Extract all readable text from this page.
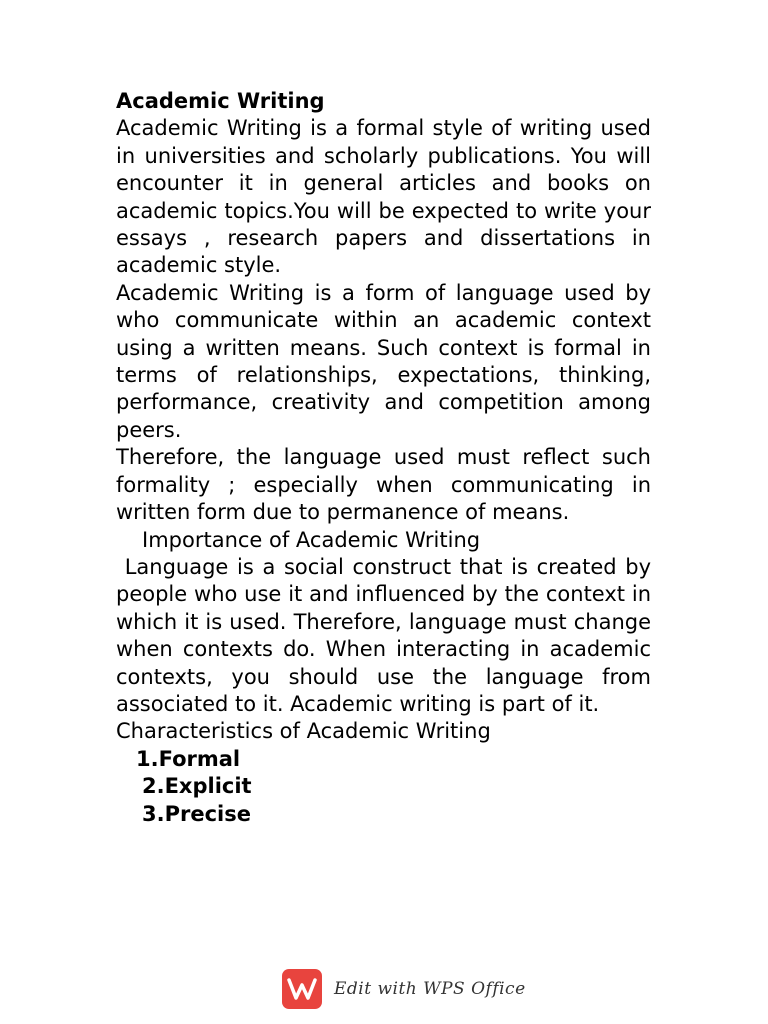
Academic Writing

Academic Writing is a formal style of writing used in universities and scholarly publications. You will encounter it in general articles and books on academic topics.You will be expected to write your essays , research papers and dissertations in academic style.

Academic Writing is a form of language used by who communicate within an academic context using a written means. Such context is formal in terms of relationships, expectations, thinking, performance, creativity and competition among peers.

Therefore, the language used must reflect such formality ; especially when communicating in written form due to permanence of means.

Importance of Academic Writing

Language is a social construct that is created by people who use it and influenced by the context in which it is used. Therefore, language must change when contexts do. When interacting in academic contexts, you should use the language from associated to it. Academic writing is part of it.

Characteristics of Academic Writing

1.Formal
2.Explicit
3.Precise
Edit with WPS Office
